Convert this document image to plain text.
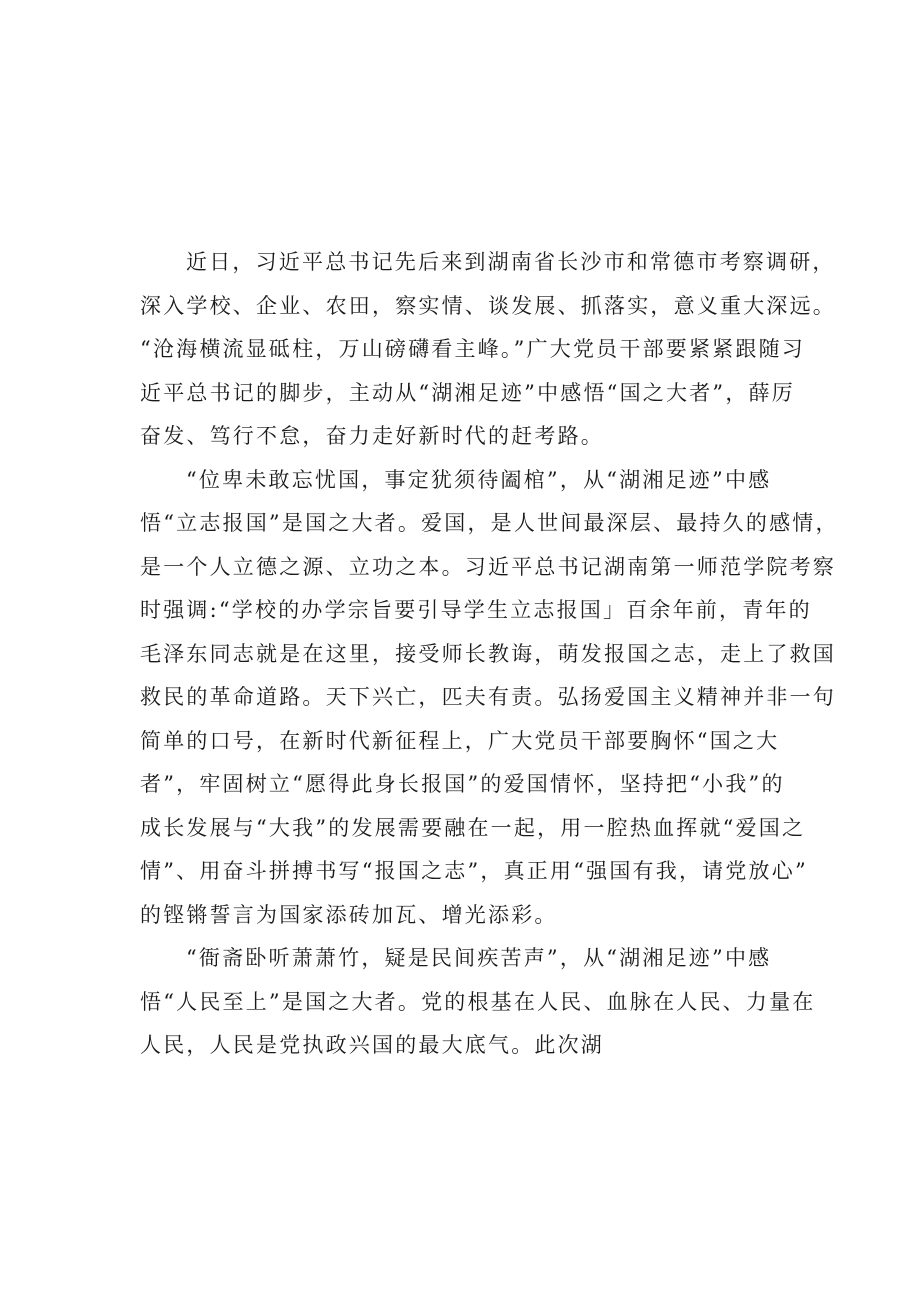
近日，习近平总书记先后来到湖南省长沙市和常德市考察调研，
深入学校、企业、农田，察实情、谈发展、抓落实，意义重大深远。
“沧海横流显砥柱，万山磅礴看主峰。”广大党员干部要紧紧跟随习
近平总书记的脚步，主动从“湖湘足迹”中感悟“国之大者”，薛厉
奋发、笃行不怠，奋力走好新时代的赶考路。
“位卑未敢忘忧国，事定犹须待阖棺”，从“湖湘足迹”中感
悟“立志报国”是国之大者。爱国，是人世间最深层、最持久的感情，
是一个人立德之源、立功之本。习近平总书记湖南第一师范学院考察
时强调:“学校的办学宗旨要引导学生立志报国」百余年前，青年的
毛泽东同志就是在这里，接受师长教诲，萌发报国之志，走上了救国
救民的革命道路。天下兴亡，匹夫有责。弘扬爱国主义精神并非一句
简单的口号，在新时代新征程上，广大党员干部要胸怀“国之大
者”，牢固树立“愿得此身长报国”的爱国情怀，坚持把“小我”的
成长发展与“大我”的发展需要融在一起，用一腔热血挥就“爱国之
情”、用奋斗拼搏书写“报国之志”，真正用“强国有我，请党放心”
的铿锵誓言为国家添砖加瓦、增光添彩。
“衙斋卧听萧萧竹，疑是民间疾苦声”，从“湖湘足迹”中感
悟“人民至上”是国之大者。党的根基在人民、血脉在人民、力量在
人民，人民是党执政兴国的最大底气。此次湖
